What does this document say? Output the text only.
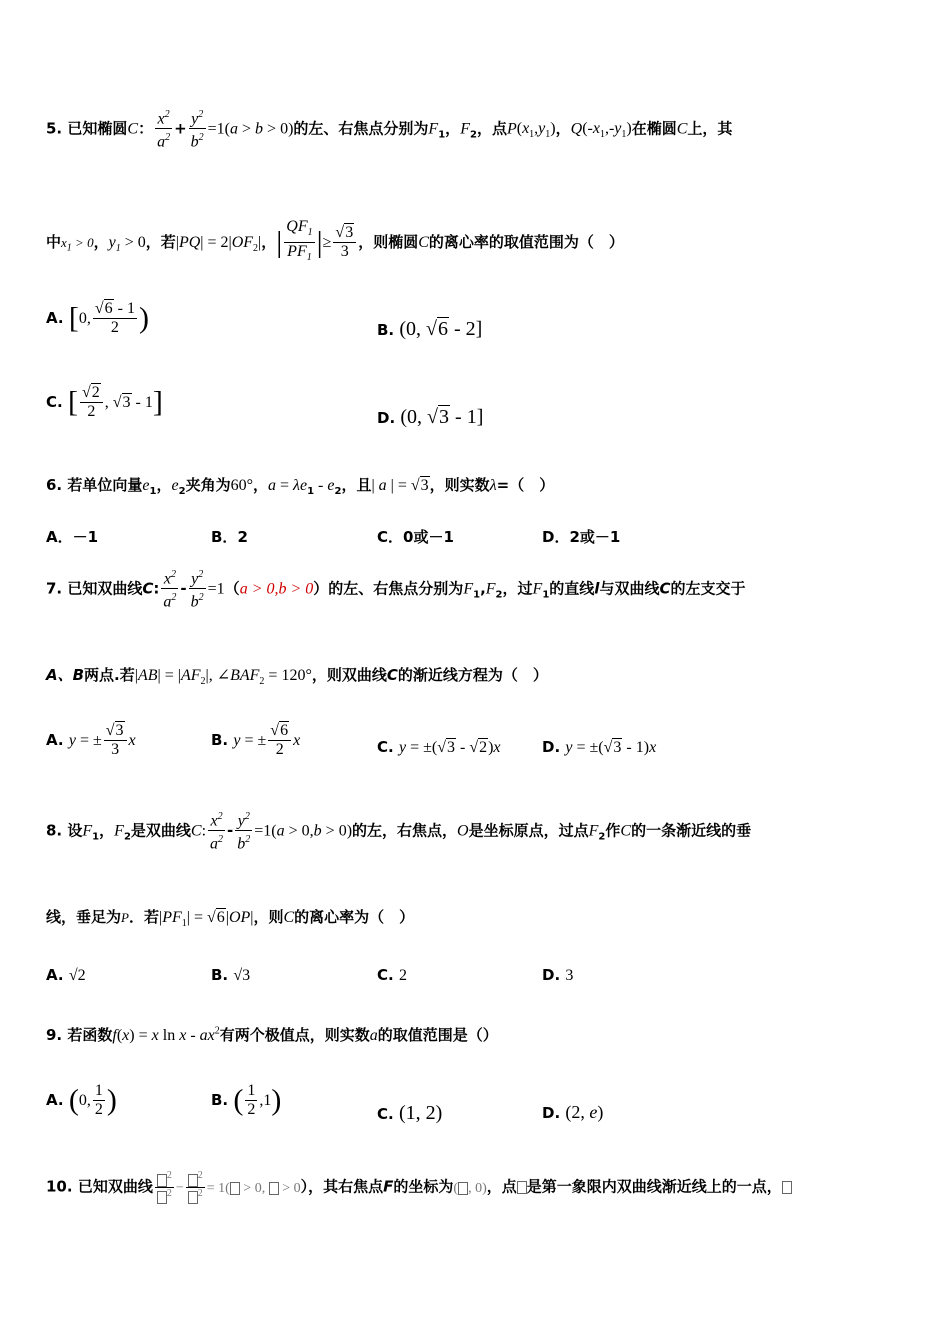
5. 已知椭圆C： $\frac{x^2}{a^2} + \frac{y^2}{b^2} =1(a > b > 0)$的左、右焦点分别为$F_1$，$F_2$，点$P(x_1,y_1)$，$Q(-x_1,-y_1)$在椭圆C上，其
中$x_1 > 0$，$y_1 > 0$，若$|PQ| = 2|OF_2|$，| $\frac{QF_1}{PF_1}$ |≥ $\frac{√3}{3}$ ，则椭圆C的离心率的取值范围为（　）
A. [0, $\frac{√6 - 1}{2}$ )	B. (0, √6 - 2]
C. [ $\frac{√2}{2}$ , √3 - 1]	D. (0, √3 - 1]
6. 若单位向量$e_1$，$e_2$夹角为60°，$a = \lambda e_1 - e_2$，且| a | = √3，则实数λ=（　）
A．－1	B．2	C．0或－1	D．2或－1
7. 已知双曲线C: $\frac{x^2}{a^2} - \frac{y^2}{b^2} =1(a > 0,b > 0)$的左、右焦点分别为$F_1,F_2$，过$F_1$的直线l与双曲线C的左支交于
A、B两点.若$|AB| = |AF_2|$, $\angle BAF_2 = 120^\circ$，则双曲线C的渐近线方程为（　）
A. y = ± $\frac{√3}{3}$ x	B. y = ± $\frac{√6}{2}$ x	C. y = ±(√3 - √2)x	D. y = ±(√3 - 1)x
8. 设$F_1$，$F_2$是双曲线C: $\frac{x^2}{a^2} - \frac{y^2}{b^2} =1(a > 0,b > 0)$的左，右焦点，O是坐标原点，过点$F_2$作C的一条渐近线的垂
线，垂足为P．若$|PF_1| = √6|OP|$，则C的离心率为（　）
A. √2	B. √3	C. 2	D. 3
9. 若函数f(x) = x ln x - $ax^2$有两个极值点，则实数a的取值范围是（）
A. (0, $\frac{1}{2}$ )	B. ( $\frac{1}{2} ,1$)	C. (1, 2)	D. (2, e)
10. 已知双曲线 $\frac{^2}{^2} - \frac{^2}{^2} = 1( > 0$,  > 0），其右焦点F的坐标为( , 0)，点 是第一象限内双曲线渐近线上的一点，
